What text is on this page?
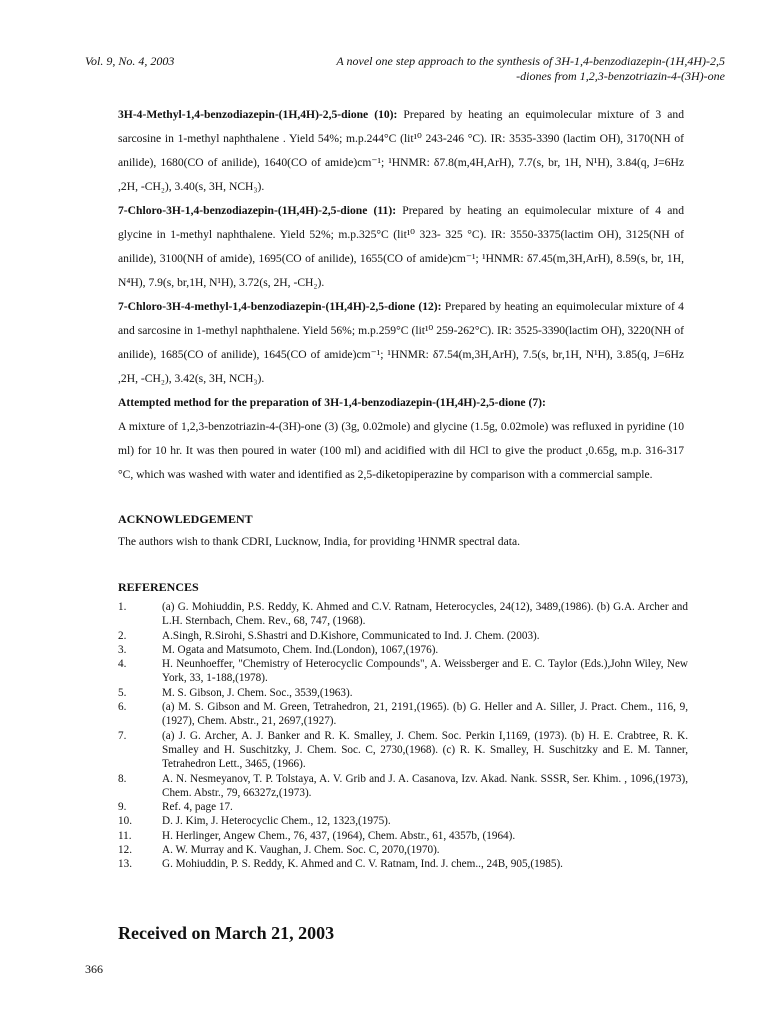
Vol. 9, No. 4, 2003	A novel one step approach to the synthesis of 3H-1,4-benzodiazepin-(1H,4H)-2,5
-diones from 1,2,3-benzotriazin-4-(3H)-one

3H-4-Methyl-1,4-benzodiazepin-(1H,4H)-2,5-dione (10): Prepared by heating an equimolecular mixture of 3 and sarcosine in 1-methyl naphthalene . Yield 54%; m.p.244°C (lit¹⁰ 243-246 °C). IR: 3535-3390 (lactim OH), 3170(NH of anilide), 1680(CO of anilide), 1640(CO of amide)cm⁻¹; ¹HNMR: δ7.8(m,4H,ArH), 7.7(s, br, 1H, N¹H), 3.84(q, J=6Hz ,2H, -CH₂), 3.40(s, 3H, NCH₃).

7-Chloro-3H-1,4-benzodiazepin-(1H,4H)-2,5-dione (11): Prepared by heating an equimolecular mixture of 4 and glycine in 1-methyl naphthalene. Yield 52%; m.p.325°C (lit¹⁰ 323- 325 °C). IR: 3550-3375(lactim OH), 3125(NH of anilide), 3100(NH of amide), 1695(CO of anilide), 1655(CO of amide)cm⁻¹; ¹HNMR: δ7.45(m,3H,ArH), 8.59(s, br, 1H, N⁴H), 7.9(s, br,1H, N¹H), 3.72(s, 2H, -CH₂).

7-Chloro-3H-4-methyl-1,4-benzodiazepin-(1H,4H)-2,5-dione (12): Prepared by heating an equimolecular mixture of 4 and sarcosine in 1-methyl naphthalene. Yield 56%; m.p.259°C (lit¹⁰ 259-262°C). IR: 3525-3390(lactim OH), 3220(NH of anilide), 1685(CO of anilide), 1645(CO of amide)cm⁻¹; ¹HNMR: δ7.54(m,3H,ArH), 7.5(s, br,1H, N¹H), 3.85(q, J=6Hz ,2H, -CH₂), 3.42(s, 3H, NCH₃).

Attempted method for the preparation of 3H-1,4-benzodiazepin-(1H,4H)-2,5-dione (7):

A mixture of 1,2,3-benzotriazin-4-(3H)-one (3) (3g, 0.02mole) and glycine (1.5g, 0.02mole) was refluxed in pyridine (10 ml) for 10 hr. It was then poured in water (100 ml) and acidified with dil HCl to give the product ,0.65g, m.p. 316-317 °C, which was washed with water and identified as 2,5-diketopiperazine by comparison with a commercial sample.

ACKNOWLEDGEMENT
The authors wish to thank CDRI, Lucknow, India, for providing ¹HNMR spectral data.
REFERENCES
1.	(a) G. Mohiuddin, P.S. Reddy, K. Ahmed and C.V. Ratnam, Heterocycles, 24(12), 3489,(1986). (b) G.A. Archer and L.H. Sternbach, Chem. Rev., 68, 747, (1968).
2.	A.Singh, R.Sirohi, S.Shastri and D.Kishore, Communicated to Ind. J. Chem. (2003).
3.	M. Ogata and Matsumoto, Chem. Ind.(London), 1067,(1976).
4.	H. Neunhoeffer, "Chemistry of Heterocyclic Compounds", A. Weissberger and E. C. Taylor (Eds.),John Wiley, New York, 33, 1-188,(1978).
5.	M. S. Gibson, J. Chem. Soc., 3539,(1963).
6.	(a) M. S. Gibson and M. Green, Tetrahedron, 21, 2191,(1965). (b) G. Heller and A. Siller, J. Pract. Chem., 116, 9, (1927), Chem. Abstr., 21, 2697,(1927).
7.	(a) J. G. Archer, A. J. Banker and R. K. Smalley, J. Chem. Soc. Perkin I,1169, (1973). (b) H. E. Crabtree, R. K. Smalley and H. Suschitzky, J. Chem. Soc. C, 2730,(1968). (c) R. K. Smalley, H. Suschitzky and E. M. Tanner, Tetrahedron Lett., 3465, (1966).
8.	A. N. Nesmeyanov, T. P. Tolstaya, A. V. Grib and J. A. Casanova, Izv. Akad. Nank. SSSR, Ser. Khim. , 1096,(1973), Chem. Abstr., 79, 66327z,(1973).
9.	Ref. 4, page 17.
10.	D. J. Kim, J. Heterocyclic Chem., 12, 1323,(1975).
11.	H. Herlinger, Angew Chem., 76, 437, (1964), Chem. Abstr., 61, 4357b, (1964).
12.	A. W. Murray and K. Vaughan, J. Chem. Soc. C, 2070,(1970).
13.	G. Mohiuddin, P. S. Reddy, K. Ahmed and C. V. Ratnam, Ind. J. chem.., 24B, 905,(1985).
Received on March 21, 2003
366
